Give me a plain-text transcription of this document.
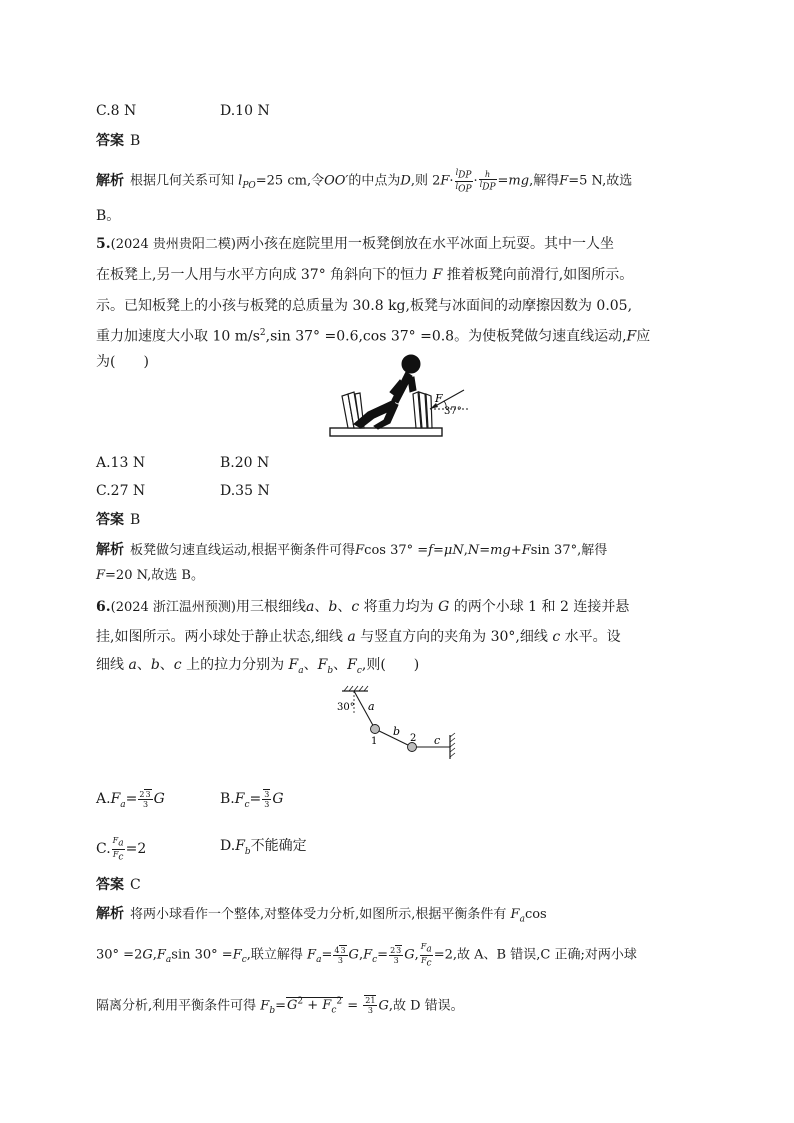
C.8 N	D.10 N
答案 B
解析 根据几何关系可知 $l_{PO}=25$ cm,令OO′的中点为D,则 $2F\cdot \frac{l_{DP}}{l_{OP}} \cdot \frac{h}{l_{DP}} =mg$,解得F=5 N,故选
B。
5.(2024 贵州贵阳二模)两小孩在庭院里用一板凳倒放在水平冰面上玩耍。其中一人坐
在板凳上,另一人用与水平方向成 37° 角斜向下的恒力 F 推着板凳向前滑行,如图所示。
示。已知板凳上的小孩与板凳的总质量为 30.8 kg,板凳与冰面间的动摩擦因数为 0.05,
重力加速度大小取 10 $m/s^2,\sin$ 37° =0.6,cos 37° =0.8。为使板凳做匀速直线运动,F应
为(　　)
F
37°
A.13 N	B.20 N
C.27 N	D.35 N
答案 B
解析 板凳做匀速直线运动,根据平衡条件可得Fcos 37° =f=μN,N=mg+Fsin 37°,解得
F=20 N,故选 B。
6.(2024 浙江温州预测)用三根细线a、b、c 将重力均为 G 的两个小球 1 和 2 连接并悬
挂,如图所示。两小球处于静止状态,细线 a 与竖直方向的夹角为 30°,细线 c 水平。设
细线 a、b、c 上的拉力分别为 $F_a$、$F_b$、$F_c$,则(　　)
30° a
b
c
1	2
$A.F_a= \frac{23}{3}$ G	$B.F_c= \frac{3}{3}$ G
C. $\frac{F_a}{F_c} =2$	$D.F_b$不能确定
答案 C
解析 将两小球看作一个整体,对整体受力分析,如图所示,根据平衡条件有 $F_a\cos$
$30^\circ =2G,F_a\sin$ $30^\circ =F_c$,联立解得 $F_a= \frac{43}{3} G,F_c= \frac{23}{3} G$, $\frac{F_a}{F_c} =2$,故 A、B 错误,C 正确;对两小球
隔离分析,利用平衡条件可得 $F_b=G^2 + F_c^2 = \frac{21}{3} G$,故 D 错误。
